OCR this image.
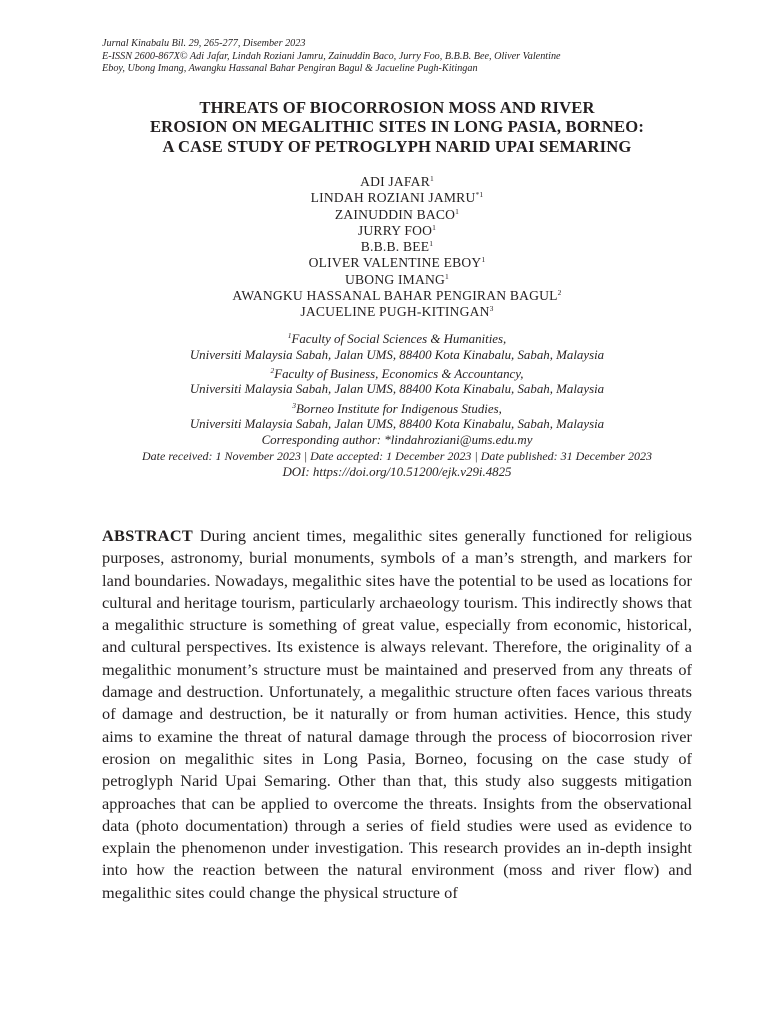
Jurnal Kinabalu Bil. 29, 265-277, Disember 2023

E-ISSN 2600-867X© Adi Jafar, Lindah Roziani Jamru, Zainuddin Baco, Jurry Foo, B.B.B. Bee, Oliver Valentine

Eboy, Ubong Imang, Awangku Hassanal Bahar Pengiran Bagul & Jacueline Pugh-Kitingan

THREATS OF BIOCORROSION MOSS AND RIVER
EROSION ON MEGALITHIC SITES IN LONG PASIA, BORNEO:
A CASE STUDY OF PETROGLYPH NARID UPAI SEMARING
ADI JAFAR$^1$
LINDAH ROZIANI JAMRU$^{*1}$
ZAINUDDIN BACO$^1$
JURRY FOO$^1$
B.B.B. BEE$^1$
OLIVER VALENTINE EBOY$^1$
UBONG IMANG$^1$
AWANGKU HASSANAL BAHAR PENGIRAN BAGUL$^2$
JACUELINE PUGH-KITINGAN$^3$
$^1$Faculty of Social Sciences & Humanities,
Universiti Malaysia Sabah, Jalan UMS, 88400 Kota Kinabalu, Sabah, Malaysia
$^2$Faculty of Business, Economics & Accountancy,
Universiti Malaysia Sabah, Jalan UMS, 88400 Kota Kinabalu, Sabah, Malaysia
$^3$Borneo Institute for Indigenous Studies,
Universiti Malaysia Sabah, Jalan UMS, 88400 Kota Kinabalu, Sabah, Malaysia
Corresponding author: *lindahroziani@ums.edu.my
Date received: 1 November 2023 | Date accepted: 1 December 2023 | Date published: 31 December 2023
DOI: https://doi.org/10.51200/ejk.v29i.4825
ABSTRACT During ancient times, megalithic sites generally functioned for religious purposes, astronomy, burial monuments, symbols of a man’s strength, and markers for land boundaries. Nowadays, megalithic sites have the potential to be used as locations for cultural and heritage tourism, particularly archaeology tourism. This indirectly shows that a megalithic structure is something of great value, especially from economic, historical, and cultural perspectives. Its existence is always relevant. Therefore, the originality of a megalithic monument’s structure must be maintained and preserved from any threats of damage and destruction. Unfortunately, a megalithic structure often faces various threats of damage and destruction, be it naturally or from human activities. Hence, this study aims to examine the threat of natural damage through the process of biocorrosion river erosion on megalithic sites in Long Pasia, Borneo, focusing on the case study of petroglyph Narid Upai Semaring. Other than that, this study also suggests mitigation approaches that can be applied to overcome the threats. Insights from the observational data (photo documentation) through a series of field studies were used as evidence to explain the phenomenon under investigation. This research provides an in-depth insight into how the reaction between the natural environment (moss and river flow) and megalithic sites could change the physical structure of
